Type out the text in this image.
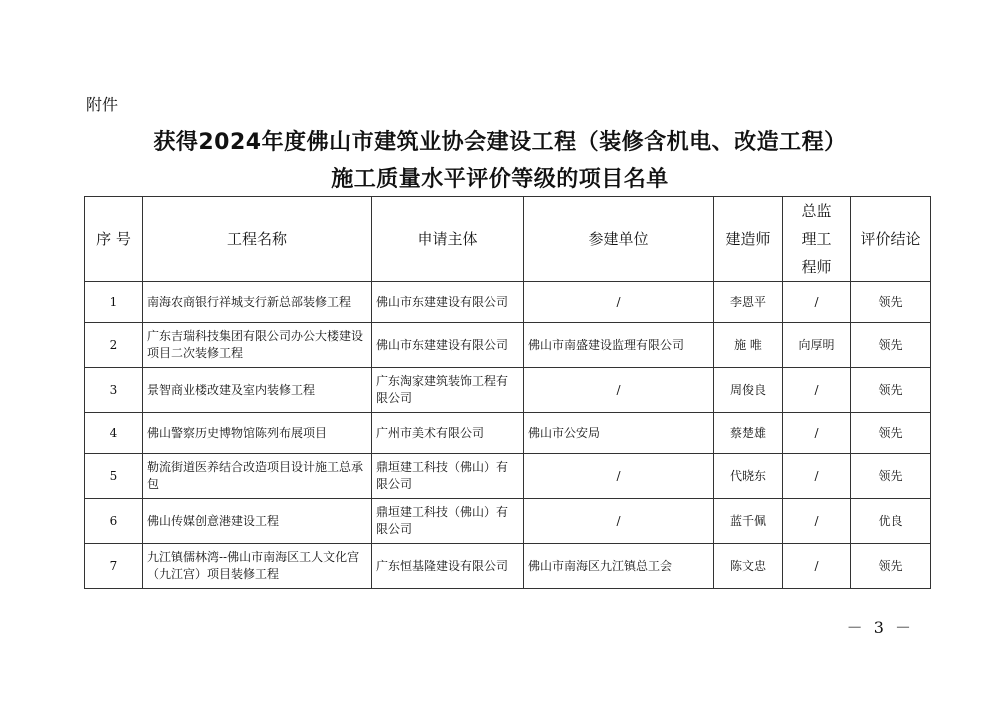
附件
获得2024年度佛山市建筑业协会建设工程（装修含机电、改造工程）
施工质量水平评价等级的项目名单
序 号	工程名称	申请主体	参建单位	建造师	总监理工程师	评价结论
1	南海农商银行祥城支行新总部装修工程	佛山市东建建设有限公司	/	李恩平	/	领先
2	广东吉瑞科技集团有限公司办公大楼建设项目二次装修工程	佛山市东建建设有限公司	佛山市南盛建设监理有限公司	施 唯	向厚明	领先
3	景智商业楼改建及室内装修工程	广东淘家建筑装饰工程有限公司	/	周俊良	/	领先
4	佛山警察历史博物馆陈列布展项目	广州市美术有限公司	佛山市公安局	蔡楚雄	/	领先
5	勒流街道医养结合改造项目设计施工总承包	鼎垣建工科技（佛山）有限公司	/	代晓东	/	领先
6	佛山传媒创意港建设工程	鼎垣建工科技（佛山）有限公司	/	蓝千佩	/	优良
7	九江镇儒林湾--佛山市南海区工人文化宫（九江宫）项目装修工程	广东恒基隆建设有限公司	佛山市南海区九江镇总工会	陈文忠	/	领先
－ 3 －
